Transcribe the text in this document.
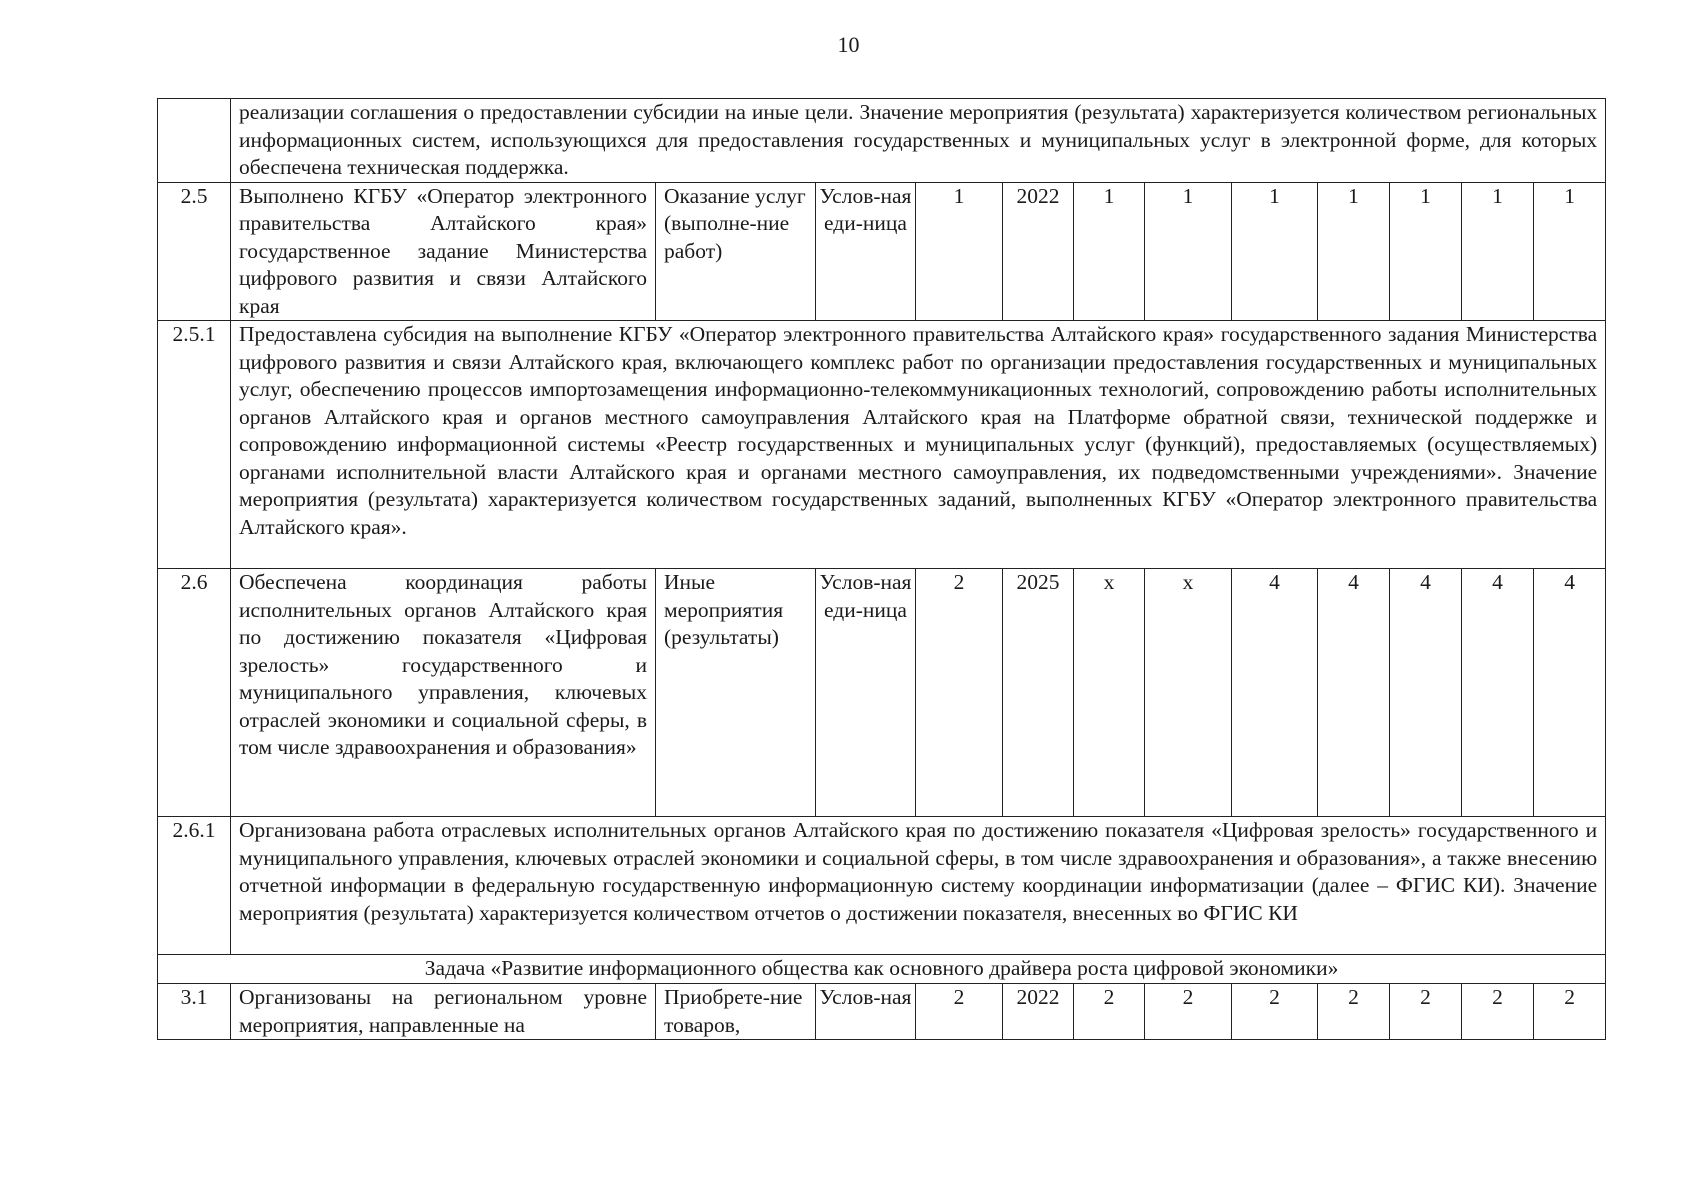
10
	реализации соглашения о предоставлении субсидии на иные цели. Значение мероприятия (результата) характеризуется количеством региональных информационных систем, использующихся для предоставления государственных и муниципальных услуг в электронной форме, для которых обеспечена техническая поддержка.											
2.5	Выполнено КГБУ «Оператор электронного правительства Алтайского края» государственное задание Министерства цифрового развития и связи Алтайского края	Оказание услуг (выполне-ние работ)	Услов-ная еди-ница	1	2022	1	1	1	1	1	1	1
2.5.1	Предоставлена субсидия на выполнение КГБУ «Оператор электронного правительства Алтайского края» государственного задания Министерства цифрового развития и связи Алтайского края, включающего комплекс работ по организации предоставления государственных и муниципальных услуг, обеспечению процессов импортозамещения информационно-телекоммуникационных технологий, сопровождению работы исполнительных органов Алтайского края и органов местного самоуправления Алтайского края на Платформе обратной связи, технической поддержке и сопровождению информационной системы «Реестр государственных и муниципальных услуг (функций), предоставляемых (осуществляемых) органами исполнительной власти Алтайского края и органами местного самоуправления, их подведомственными учреждениями». Значение мероприятия (результата) характеризуется количеством государственных заданий, выполненных КГБУ «Оператор электронного правительства Алтайского края».											
2.6	Обеспечена координация работы исполнительных органов Алтайского края по достижению показателя «Цифровая зрелость» государственного и муниципального управления, ключевых отраслей экономики и социальной сферы, в том числе здравоохранения и образования»	Иные мероприятия (результаты)	Услов-ная еди-ница	2	2025	x	x	4	4	4	4	4
2.6.1	Организована работа отраслевых исполнительных органов Алтайского края по достижению показателя «Цифровая зрелость» государственного и муниципального управления, ключевых отраслей экономики и социальной сферы, в том числе здравоохранения и образования», а также внесению отчетной информации в федеральную государственную информационную систему координации информатизации (далее – ФГИС КИ). Значение мероприятия (результата) характеризуется количеством отчетов о достижении показателя, внесенных во ФГИС КИ											
Задача «Развитие информационного общества как основного драйвера роста цифровой экономики»												
3.1	Организованы на региональном уровне мероприятия, направленные на	Приобрете-ние товаров,	Услов-ная	2	2022	2	2	2	2	2	2	2
